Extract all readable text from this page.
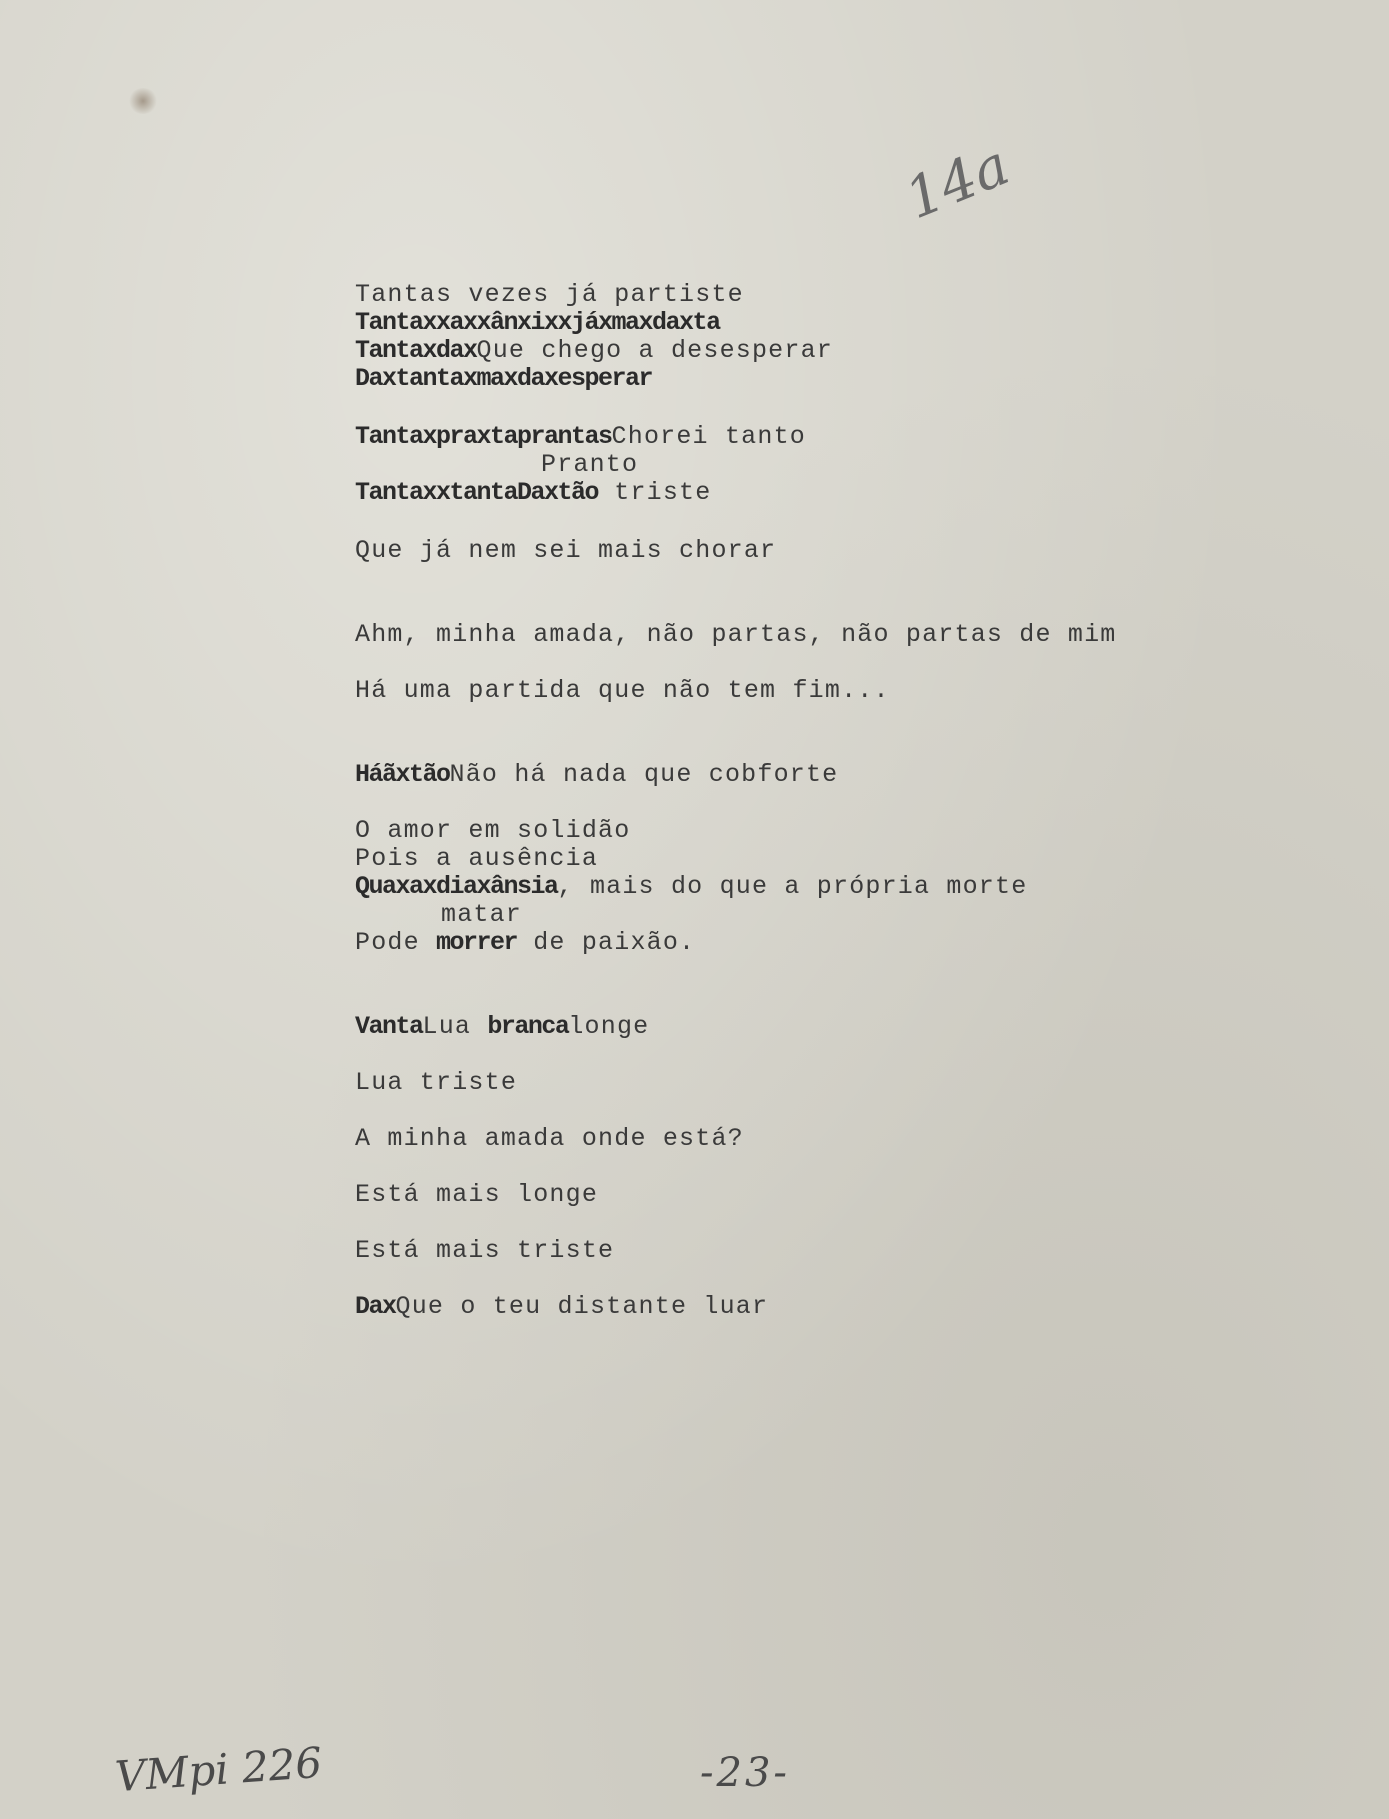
14a
Tantas vezes já partiste
Tantaxxaxxânxixxjáxmaxdaxta
TantaxdaxQue chego a desesperar
Daxtantaxmaxdaxesperar
TantaxpraxtaprantasChorei tanto
Pranto
TantaxxtantaDaxtão triste
Que já nem sei mais chorar
Ahm, minha amada, não partas, não partas de mim
Há uma partida que não tem fim...
HáãxtãoNão há nada que cobforte
O amor em solidão
Pois a ausência
Quaxaxdiaxânsia, mais do que a própria morte
matar
Pode morrer de paixão.
VantaLua brancalonge
Lua triste
A minha amada onde está?
Está mais longe
Está mais triste
DaxQue o teu distante luar
VMpi 226	-23-
